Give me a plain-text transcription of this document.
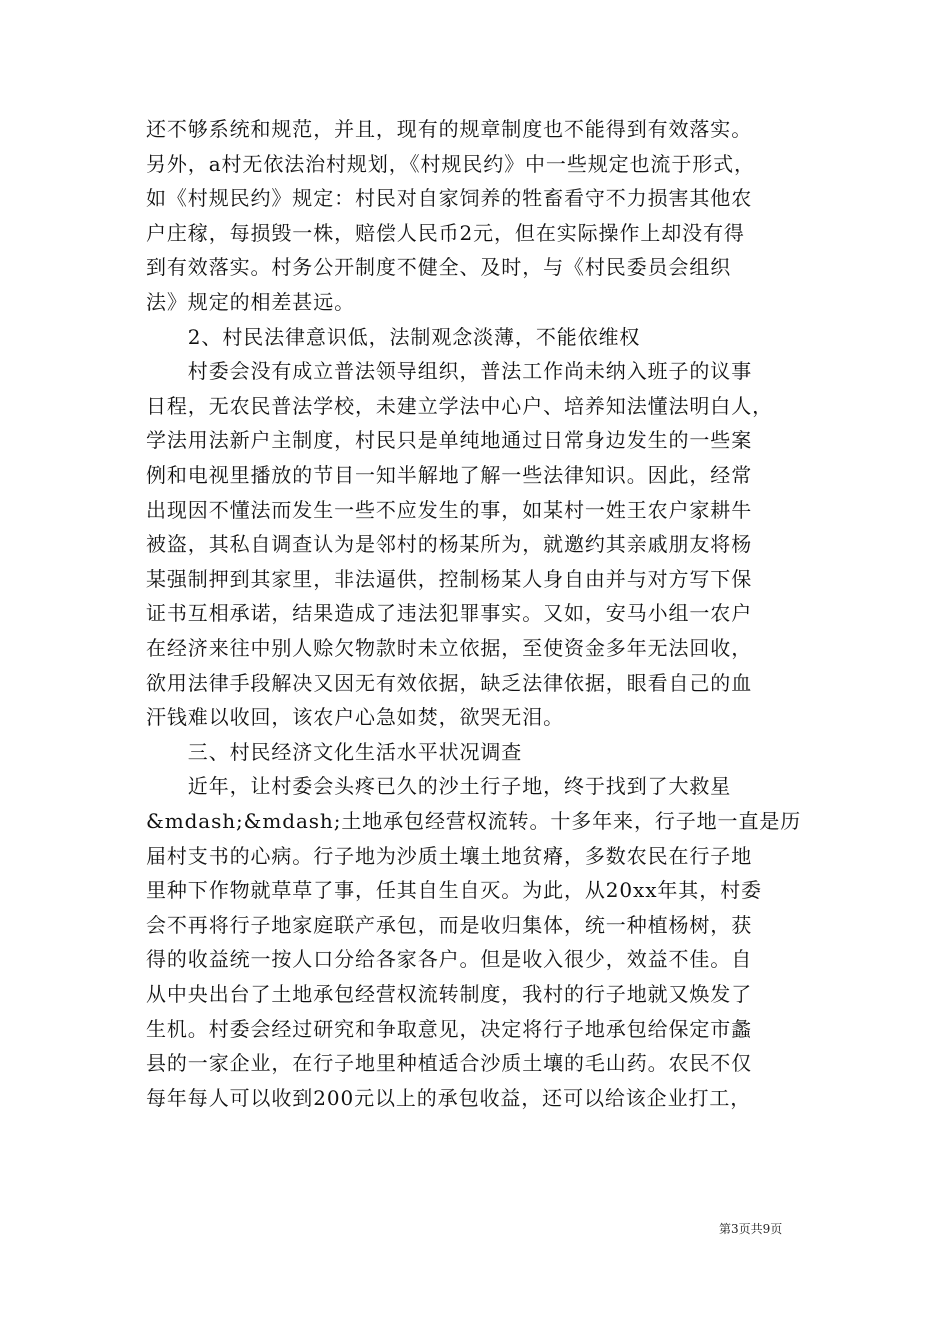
还不够系统和规范，并且，现有的规章制度也不能得到有效落实。
另外，a村无依法治村规划，《村规民约》中一些规定也流于形式，
如《村规民约》规定：村民对自家饲养的牲畜看守不力损害其他农
户庄稼，每损毁一株，赔偿人民币2元，但在实际操作上却没有得
到有效落实。村务公开制度不健全、及时，与《村民委员会组织
法》规定的相差甚远。
　　2、村民法律意识低，法制观念淡薄，不能依维权
　　村委会没有成立普法领导组织，普法工作尚未纳入班子的议事
日程，无农民普法学校，未建立学法中心户、培养知法懂法明白人，
学法用法新户主制度，村民只是单纯地通过日常身边发生的一些案
例和电视里播放的节目一知半解地了解一些法律知识。因此，经常
出现因不懂法而发生一些不应发生的事，如某村一姓王农户家耕牛
被盗，其私自调查认为是邻村的杨某所为，就邀约其亲戚朋友将杨
某强制押到其家里，非法逼供，控制杨某人身自由并与对方写下保
证书互相承诺，结果造成了违法犯罪事实。又如，安马小组一农户
在经济来往中别人赊欠物款时未立依据，至使资金多年无法回收，
欲用法律手段解决又因无有效依据，缺乏法律依据，眼看自己的血
汗钱难以收回，该农户心急如焚，欲哭无泪。
　　三、村民经济文化生活水平状况调查
　　近年，让村委会头疼已久的沙土行子地，终于找到了大救星
&mdash;&mdash;土地承包经营权流转。十多年来，行子地一直是历
届村支书的心病。行子地为沙质土壤土地贫瘠，多数农民在行子地
里种下作物就草草了事，任其自生自灭。为此，从20xx年其，村委
会不再将行子地家庭联产承包，而是收归集体，统一种植杨树，获
得的收益统一按人口分给各家各户。但是收入很少，效益不佳。自
从中央出台了土地承包经营权流转制度，我村的行子地就又焕发了
生机。村委会经过研究和争取意见，决定将行子地承包给保定市蠡
县的一家企业，在行子地里种植适合沙质土壤的毛山药。农民不仅
每年每人可以收到200元以上的承包收益，还可以给该企业打工，
第3页共9页
